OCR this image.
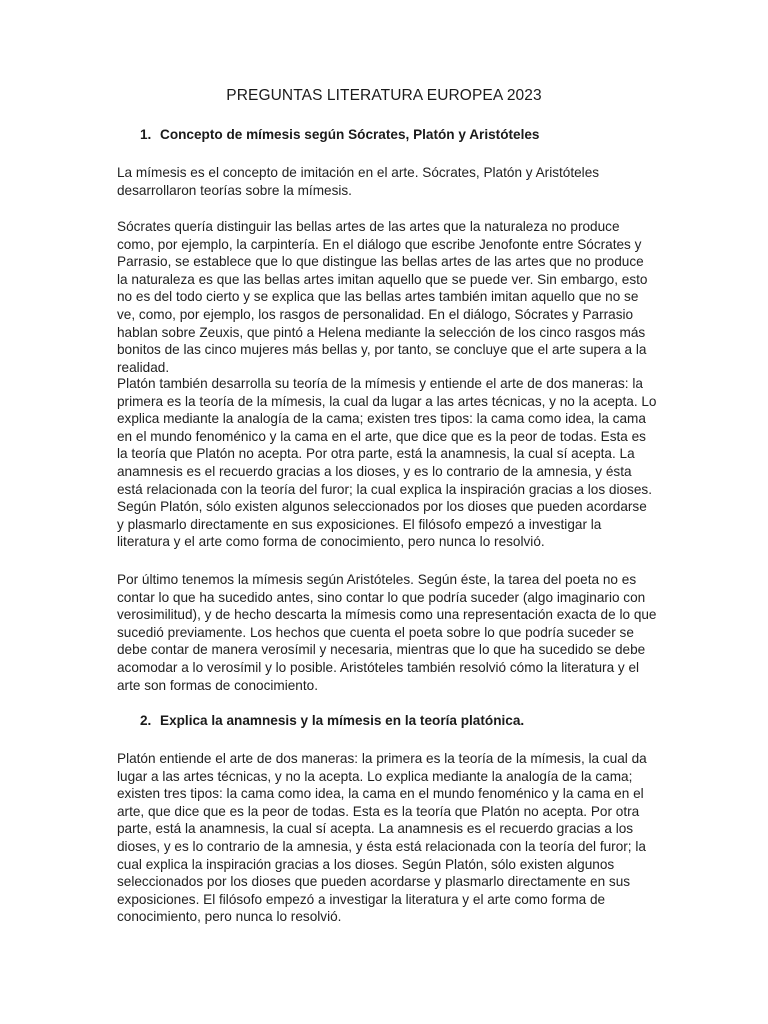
PREGUNTAS LITERATURA EUROPEA 2023
1. Concepto de mímesis según Sócrates, Platón y Aristóteles

La mímesis es el concepto de imitación en el arte. Sócrates, Platón y Aristóteles desarrollaron teorías sobre la mímesis.

Sócrates quería distinguir las bellas artes de las artes que la naturaleza no produce como, por ejemplo, la carpintería. En el diálogo que escribe Jenofonte entre Sócrates y Parrasio, se establece que lo que distingue las bellas artes de las artes que no produce la naturaleza es que las bellas artes imitan aquello que se puede ver. Sin embargo, esto no es del todo cierto y se explica que las bellas artes también imitan aquello que no se ve, como, por ejemplo, los rasgos de personalidad. En el diálogo, Sócrates y Parrasio hablan sobre Zeuxis, que pintó a Helena mediante la selección de los cinco rasgos más bonitos de las cinco mujeres más bellas y, por tanto, se concluye que el arte supera a la realidad.

Platón también desarrolla su teoría de la mímesis y entiende el arte de dos maneras: la primera es la teoría de la mímesis, la cual da lugar a las artes técnicas, y no la acepta. Lo explica mediante la analogía de la cama; existen tres tipos: la cama como idea, la cama en el mundo fenoménico y la cama en el arte, que dice que es la peor de todas. Esta es la teoría que Platón no acepta. Por otra parte, está la anamnesis, la cual sí acepta. La anamnesis es el recuerdo gracias a los dioses, y es lo contrario de la amnesia, y ésta está relacionada con la teoría del furor; la cual explica la inspiración gracias a los dioses. Según Platón, sólo existen algunos seleccionados por los dioses que pueden acordarse y plasmarlo directamente en sus exposiciones. El filósofo empezó a investigar la literatura y el arte como forma de conocimiento, pero nunca lo resolvió.

Por último tenemos la mímesis según Aristóteles. Según éste, la tarea del poeta no es contar lo que ha sucedido antes, sino contar lo que podría suceder (algo imaginario con verosimilitud), y de hecho descarta la mímesis como una representación exacta de lo que sucedió previamente. Los hechos que cuenta el poeta sobre lo que podría suceder se debe contar de manera verosímil y necesaria, mientras que lo que ha sucedido se debe acomodar a lo verosímil y lo posible. Aristóteles también resolvió cómo la literatura y el arte son formas de conocimiento.

2. Explica la anamnesis y la mímesis en la teoría platónica.

Platón entiende el arte de dos maneras: la primera es la teoría de la mímesis, la cual da lugar a las artes técnicas, y no la acepta. Lo explica mediante la analogía de la cama; existen tres tipos: la cama como idea, la cama en el mundo fenoménico y la cama en el arte, que dice que es la peor de todas. Esta es la teoría que Platón no acepta. Por otra parte, está la anamnesis, la cual sí acepta. La anamnesis es el recuerdo gracias a los dioses, y es lo contrario de la amnesia, y ésta está relacionada con la teoría del furor; la cual explica la inspiración gracias a los dioses. Según Platón, sólo existen algunos seleccionados por los dioses que pueden acordarse y plasmarlo directamente en sus exposiciones. El filósofo empezó a investigar la literatura y el arte como forma de conocimiento, pero nunca lo resolvió.
